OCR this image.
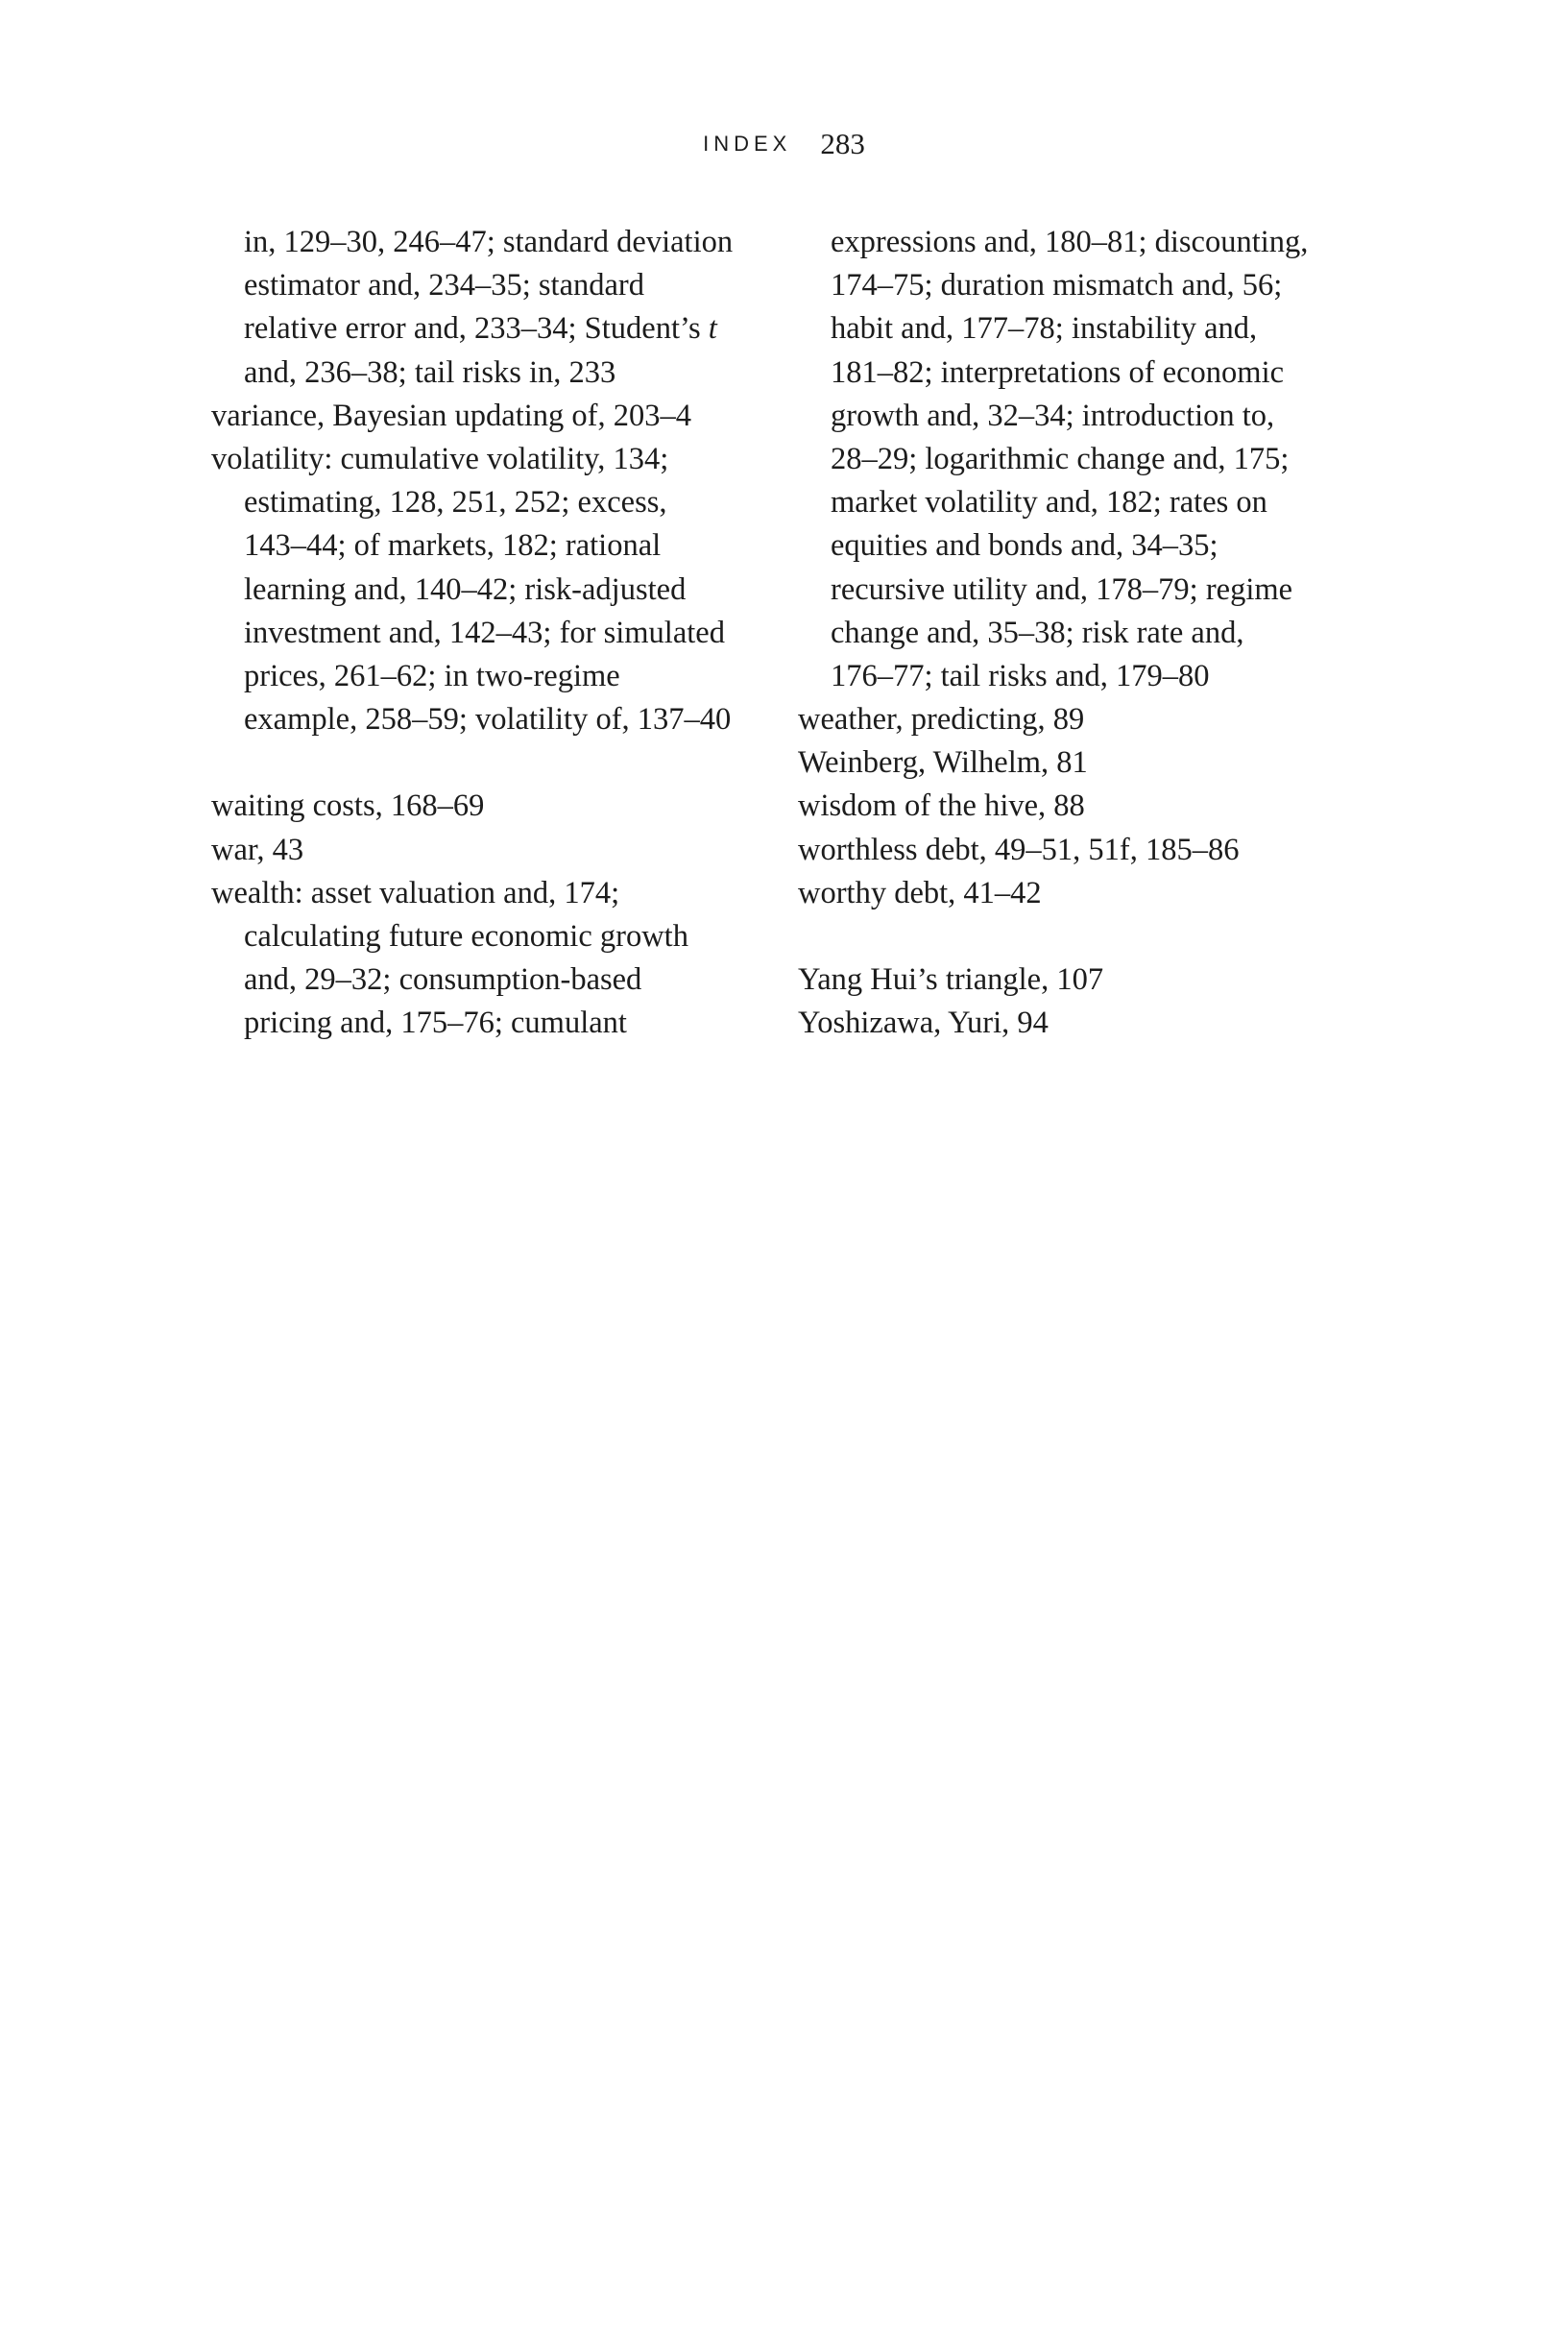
INDEX 283
in, 129–30, 246–47; standard deviation
estimator and, 234–35; standard
relative error and, 233–34; Student’s t
and, 236–38; tail risks in, 233
variance, Bayesian updating of, 203–4
volatility: cumulative volatility, 134;
estimating, 128, 251, 252; excess,
143–44; of markets, 182; rational
learning and, 140–42; risk-adjusted
investment and, 142–43; for simulated
prices, 261–62; in two-regime
example, 258–59; volatility of, 137–40
waiting costs, 168–69
war, 43
wealth: asset valuation and, 174;
calculating future economic growth
and, 29–32; consumption-based
pricing and, 175–76; cumulant
expressions and, 180–81; discounting,
174–75; duration mismatch and, 56;
habit and, 177–78; instability and,
181–82; interpretations of economic
growth and, 32–34; introduction to,
28–29; logarithmic change and, 175;
market volatility and, 182; rates on
equities and bonds and, 34–35;
recursive utility and, 178–79; regime
change and, 35–38; risk rate and,
176–77; tail risks and, 179–80
weather, predicting, 89
Weinberg, Wilhelm, 81
wisdom of the hive, 88
worthless debt, 49–51, 51f, 185–86
worthy debt, 41–42
Yang Hui’s triangle, 107
Yoshizawa, Yuri, 94
